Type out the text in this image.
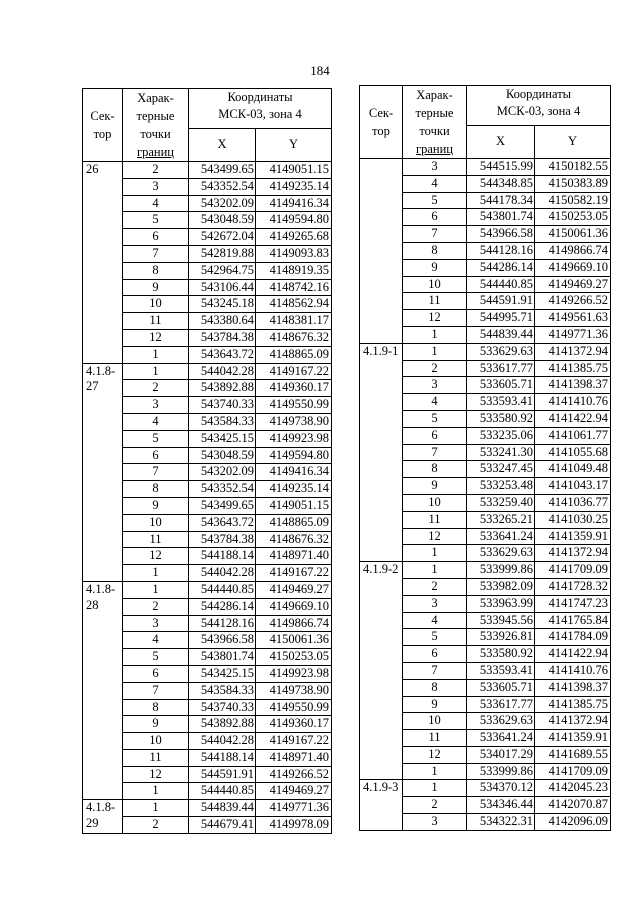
184
Сек-
тор	Харак-
терные
точки
границ	Координаты
МСК-03, зона 4	

		X	Y

26	2	543499.65	4149051.15
	3	543352.54	4149235.14
	4	543202.09	4149416.34
	5	543048.59	4149594.80
	6	542672.04	4149265.68
	7	542819.88	4149093.83
	8	542964.75	4148919.35
	9	543106.44	4148742.16
	10	543245.18	4148562.94
	11	543380.64	4148381.17
	12	543784.38	4148676.32
	1	543643.72	4148865.09

4.1.8-
27	1	544042.28	4149167.22
	2	543892.88	4149360.17
	3	543740.33	4149550.99
	4	543584.33	4149738.90
	5	543425.15	4149923.98
	6	543048.59	4149594.80
	7	543202.09	4149416.34
	8	543352.54	4149235.14
	9	543499.65	4149051.15
	10	543643.72	4148865.09
	11	543784.38	4148676.32
	12	544188.14	4148971.40
	1	544042.28	4149167.22

4.1.8-
28	1	544440.85	4149469.27
	2	544286.14	4149669.10
	3	544128.16	4149866.74
	4	543966.58	4150061.36
	5	543801.74	4150253.05
	6	543425.15	4149923.98
	7	543584.33	4149738.90
	8	543740.33	4149550.99
	9	543892.88	4149360.17
	10	544042.28	4149167.22
	11	544188.14	4148971.40
	12	544591.91	4149266.52
	1	544440.85	4149469.27

4.1.8-
29	1	544839.44	4149771.36
	2	544679.41	4149978.09
Сек-
тор	Харак-
терные
точки
границ	Координаты
МСК-03, зона 4	

		X	Y

	3	544515.99	4150182.55
	4	544348.85	4150383.89
	5	544178.34	4150582.19
	6	543801.74	4150253.05
	7	543966.58	4150061.36
	8	544128.16	4149866.74
	9	544286.14	4149669.10
	10	544440.85	4149469.27
	11	544591.91	4149266.52
	12	544995.71	4149561.63
	1	544839.44	4149771.36

4.1.9-1	1	533629.63	4141372.94
	2	533617.77	4141385.75
	3	533605.71	4141398.37
	4	533593.41	4141410.76
	5	533580.92	4141422.94
	6	533235.06	4141061.77
	7	533241.30	4141055.68
	8	533247.45	4141049.48
	9	533253.48	4141043.17
	10	533259.40	4141036.77
	11	533265.21	4141030.25
	12	533641.24	4141359.91
	1	533629.63	4141372.94

4.1.9-2	1	533999.86	4141709.09
	2	533982.09	4141728.32
	3	533963.99	4141747.23
	4	533945.56	4141765.84
	5	533926.81	4141784.09
	6	533580.92	4141422.94
	7	533593.41	4141410.76
	8	533605.71	4141398.37
	9	533617.77	4141385.75
	10	533629.63	4141372.94
	11	533641.24	4141359.91
	12	534017.29	4141689.55
	1	533999.86	4141709.09

4.1.9-3	1	534370.12	4142045.23
	2	534346.44	4142070.87
	3	534322.31	4142096.09
